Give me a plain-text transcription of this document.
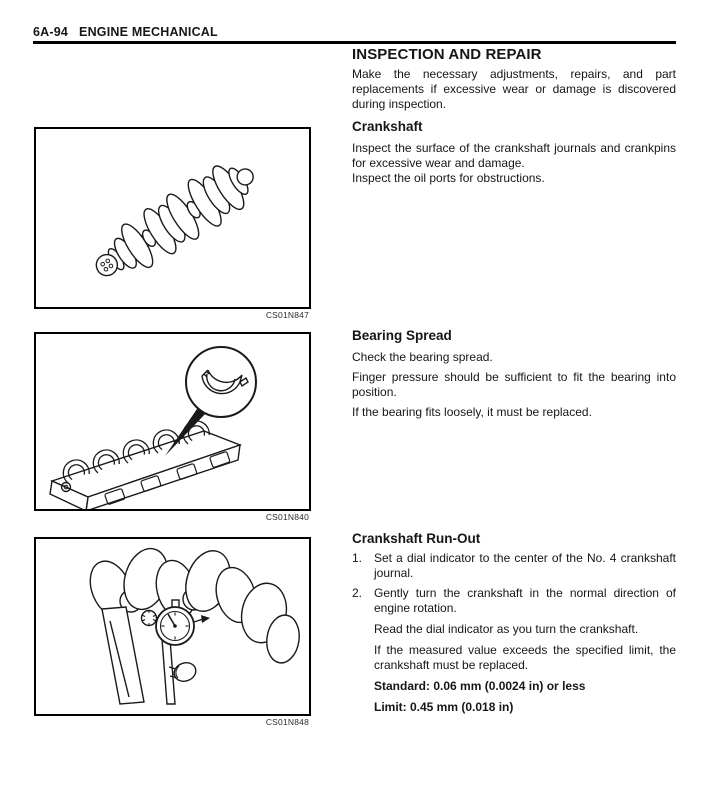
6A-94 ENGINE MECHANICAL
CS01N847
CS01N840
CS01N848
INSPECTION AND REPAIR

Make the necessary adjustments, repairs, and part replacements if excessive wear or damage is discovered during inspection.

Crankshaft

Inspect the surface of the crankshaft journals and crankpins for excessive wear and damage.

Inspect the oil ports for obstructions.

Bearing Spread

Check the bearing spread.

Finger pressure should be sufficient to fit the bearing into position.

If the bearing fits loosely, it must be replaced.

Crankshaft Run-Out
1. Set a dial indicator to the center of the No. 4 crankshaft journal.

2. Gently turn the crankshaft in the normal direction of engine rotation.

Read the dial indicator as you turn the crankshaft.

If the measured value exceeds the specified limit, the crankshaft must be replaced.

Standard: 0.06 mm (0.0024 in) or less

Limit: 0.45 mm (0.018 in)
